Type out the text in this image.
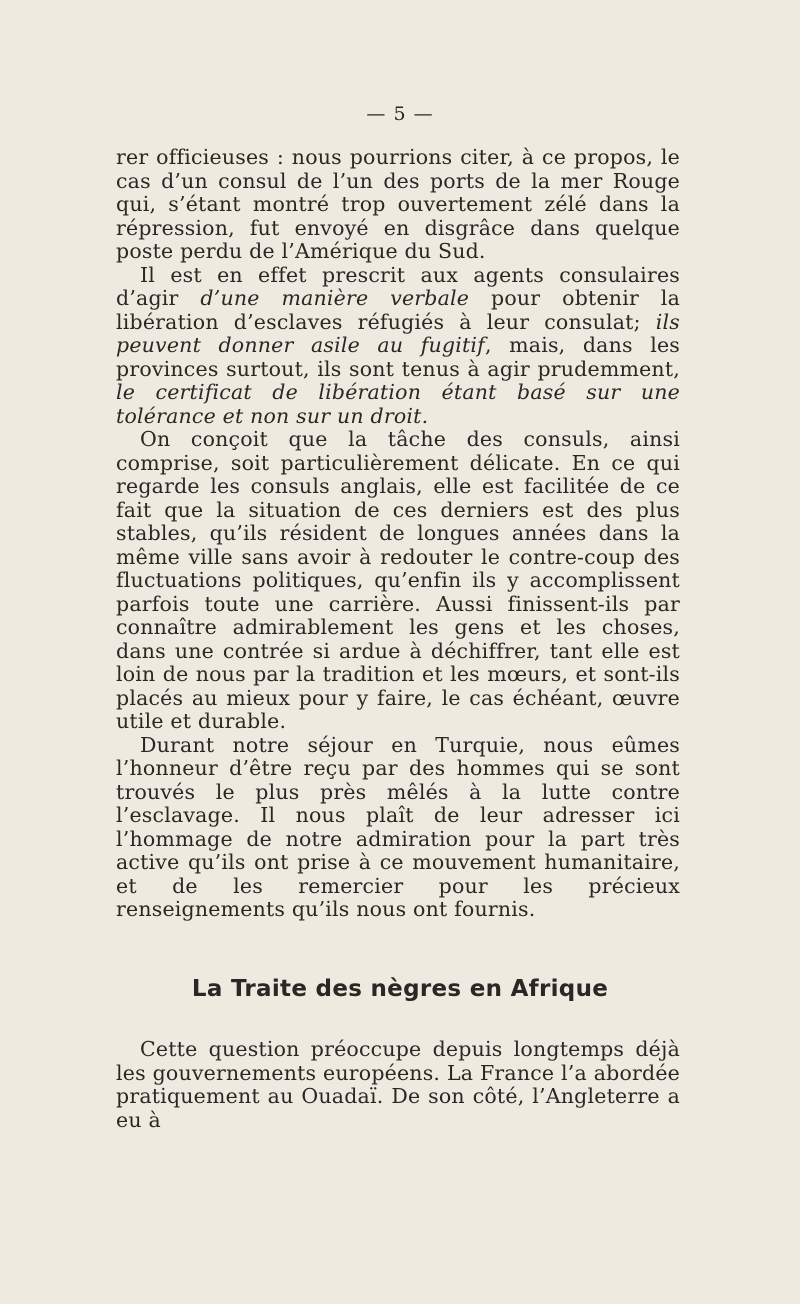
— 5 —

rer officieuses : nous pourrions citer, à ce propos, le cas d’un consul de l’un des ports de la mer Rouge qui, s’étant montré trop ouvertement zélé dans la répression, fut envoyé en disgrâce dans quelque poste perdu de l’Amérique du Sud.

Il est en effet prescrit aux agents consulaires d’agir d’une manière verbale pour obtenir la libération d’esclaves réfugiés à leur consulat; ils peuvent donner asile au fugitif, mais, dans les provinces surtout, ils sont tenus à agir prudemment, le certificat de libération étant basé sur une tolérance et non sur un droit.

On conçoit que la tâche des consuls, ainsi comprise, soit particulièrement délicate. En ce qui regarde les consuls anglais, elle est facilitée de ce fait que la situation de ces derniers est des plus stables, qu’ils résident de longues années dans la même ville sans avoir à redouter le contre-coup des fluctuations politiques, qu’enfin ils y accomplissent parfois toute une carrière. Aussi finissent-ils par connaître admirablement les gens et les choses, dans une contrée si ardue à déchiffrer, tant elle est loin de nous par la tradition et les mœurs, et sont-ils placés au mieux pour y faire, le cas échéant, œuvre utile et durable.

Durant notre séjour en Turquie, nous eûmes l’honneur d’être reçu par des hommes qui se sont trouvés le plus près mêlés à la lutte contre l’esclavage. Il nous plaît de leur adresser ici l’hommage de notre admiration pour la part très active qu’ils ont prise à ce mouvement humanitaire, et de les remercier pour les précieux renseignements qu’ils nous ont fournis.

La Traite des nègres en Afrique

Cette question préoccupe depuis longtemps déjà les gouvernements européens. La France l’a abordée pratiquement au Ouadaï. De son côté, l’Angleterre a eu à
